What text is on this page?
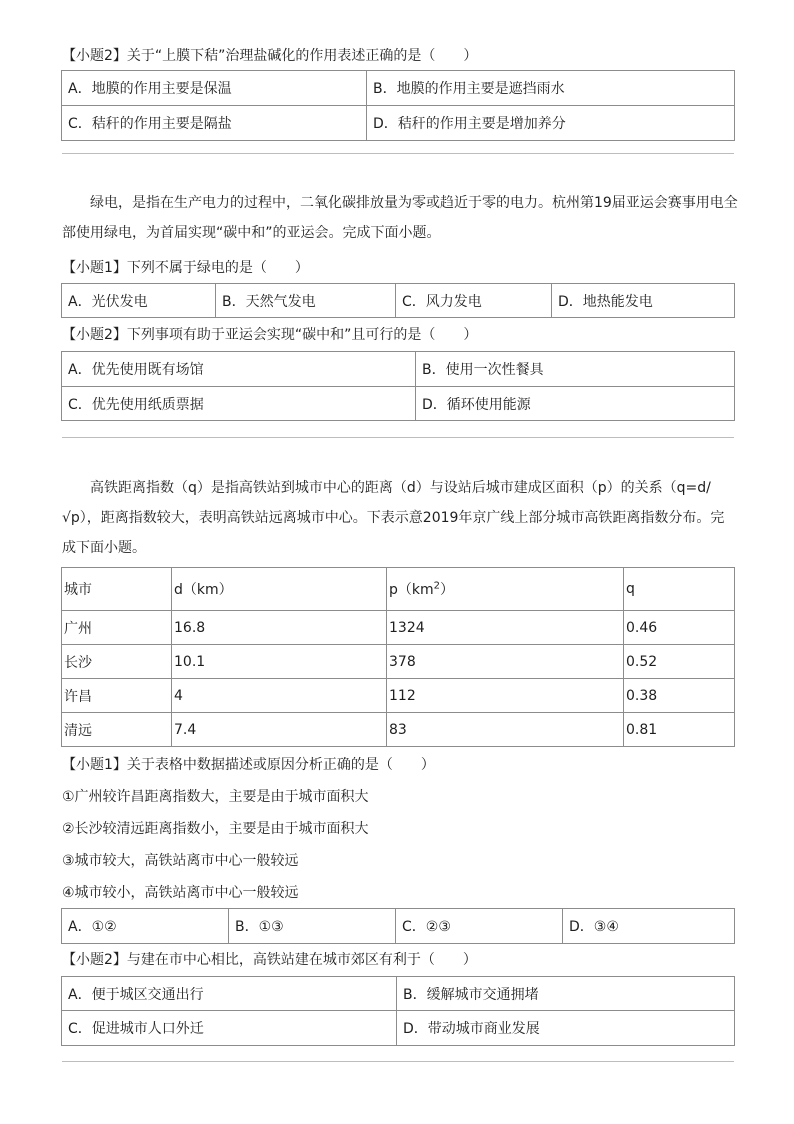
【小题2】关于“上膜下秸”治理盐碱化的作用表述正确的是（　　）
A．地膜的作用主要是保温	B．地膜的作用主要是遮挡雨水
C．秸秆的作用主要是隔盐	D．秸秆的作用主要是增加养分
　　绿电，是指在生产电力的过程中，二氧化碳排放量为零或趋近于零的电力。杭州第19届亚运会赛事用电全
部使用绿电，为首届实现“碳中和”的亚运会。完成下面小题。
【小题1】下列不属于绿电的是（　　）
A．光伏发电	B．天然气发电	C．风力发电	D．地热能发电
【小题2】下列事项有助于亚运会实现“碳中和”且可行的是（　　）
A．优先使用既有场馆	B．使用一次性餐具
C．优先使用纸质票据	D．循环使用能源
　　高铁距离指数（q）是指高铁站到城市中心的距离（d）与设站后城市建成区面积（p）的关系（q=d/
√p），距离指数较大，表明高铁站远离城市中心。下表示意2019年京广线上部分城市高铁距离指数分布。完
成下面小题。
城市	d（km）	$p(km^2)$	q
广州	16.8	1324	0.46
长沙	10.1	378	0.52
许昌	4	112	0.38
清远	7.4	83	0.81
【小题1】关于表格中数据描述或原因分析正确的是（　　）
①广州较许昌距离指数大，主要是由于城市面积大
②长沙较清远距离指数小，主要是由于城市面积大
③城市较大，高铁站离市中心一般较远
④城市较小，高铁站离市中心一般较远
A．①②	B．①③	C．②③	D．③④
【小题2】与建在市中心相比，高铁站建在城市郊区有利于（　　）
A．便于城区交通出行	B．缓解城市交通拥堵
C．促进城市人口外迁	D．带动城市商业发展
